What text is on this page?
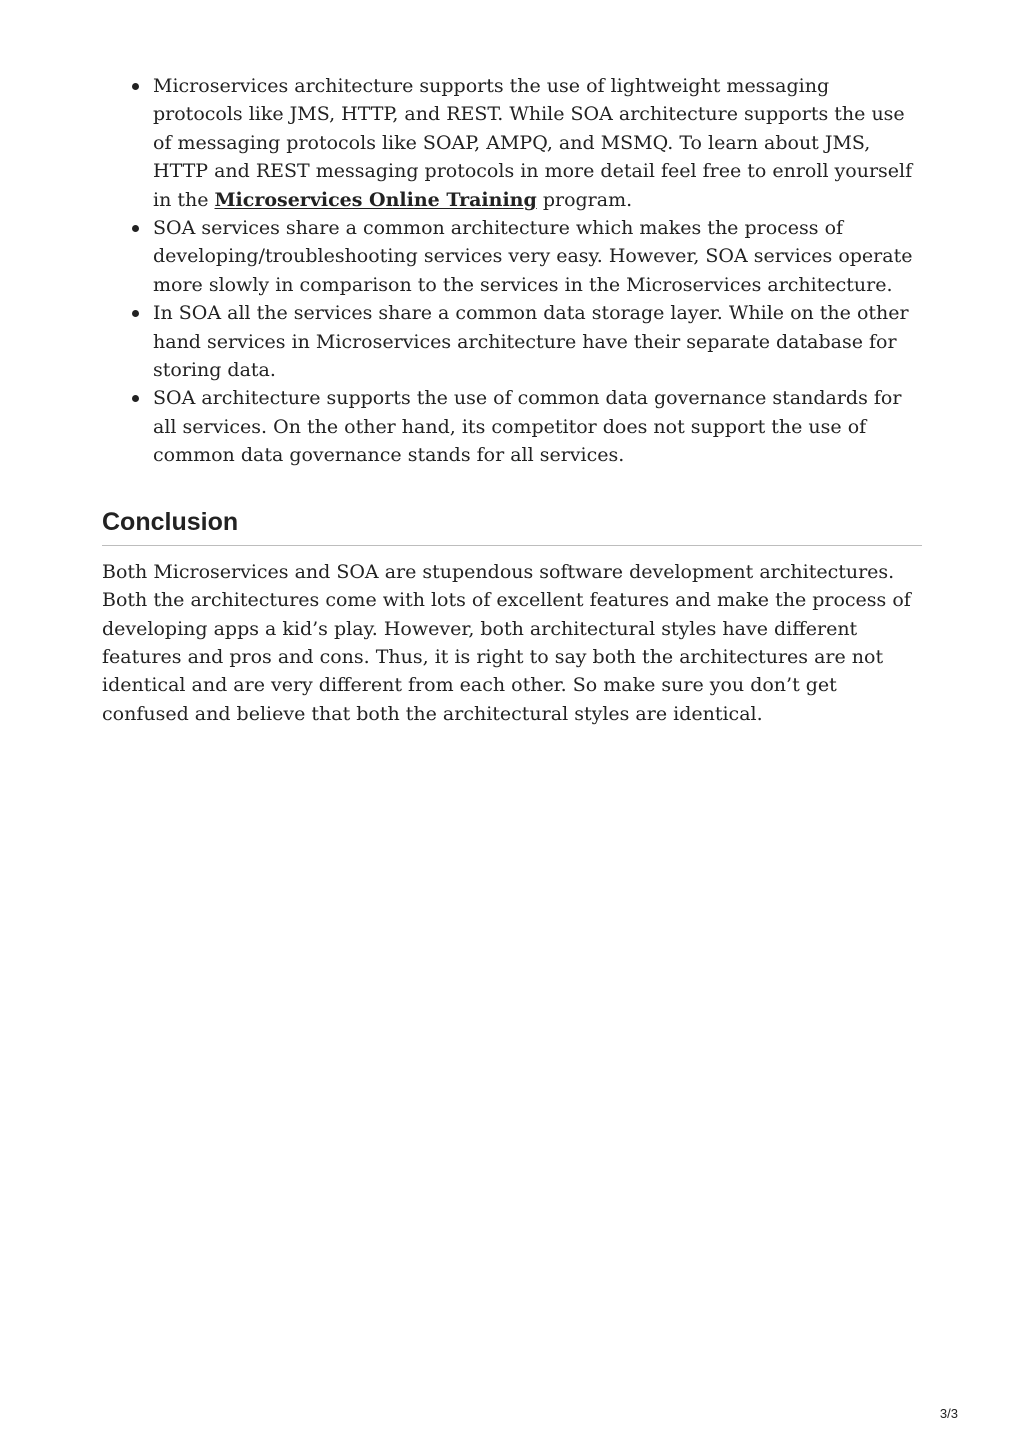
Microservices architecture supports the use of lightweight messaging protocols like JMS, HTTP, and REST. While SOA architecture supports the use of messaging protocols like SOAP, AMPQ, and MSMQ. To learn about JMS, HTTP and REST messaging protocols in more detail feel free to enroll yourself in the Microservices Online Training program.
SOA services share a common architecture which makes the process of developing/troubleshooting services very easy. However, SOA services operate more slowly in comparison to the services in the Microservices architecture.
In SOA all the services share a common data storage layer. While on the other hand services in Microservices architecture have their separate database for storing data.
SOA architecture supports the use of common data governance standards for all services. On the other hand, its competitor does not support the use of common data governance stands for all services.
Conclusion

Both Microservices and SOA are stupendous software development architectures. Both the architectures come with lots of excellent features and make the process of developing apps a kid’s play. However, both architectural styles have different features and pros and cons. Thus, it is right to say both the architectures are not identical and are very different from each other. So make sure you don’t get confused and believe that both the architectural styles are identical.

3/3
